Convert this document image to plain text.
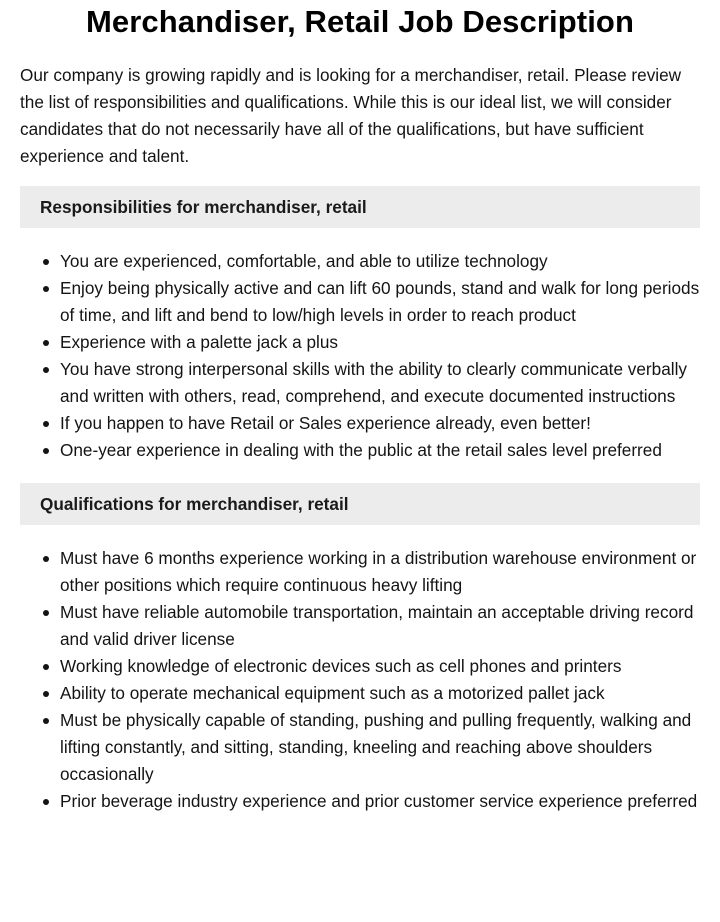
Merchandiser, Retail Job Description

Our company is growing rapidly and is looking for a merchandiser, retail. Please review the list of responsibilities and qualifications. While this is our ideal list, we will consider candidates that do not necessarily have all of the qualifications, but have sufficient experience and talent.

Responsibilities for merchandiser, retail
You are experienced, comfortable, and able to utilize technology
Enjoy being physically active and can lift 60 pounds, stand and walk for long periods of time, and lift and bend to low/high levels in order to reach product
Experience with a palette jack a plus
You have strong interpersonal skills with the ability to clearly communicate verbally and written with others, read, comprehend, and execute documented instructions
If you happen to have Retail or Sales experience already, even better!
One-year experience in dealing with the public at the retail sales level preferred
Qualifications for merchandiser, retail
Must have 6 months experience working in a distribution warehouse environment or other positions which require continuous heavy lifting
Must have reliable automobile transportation, maintain an acceptable driving record and valid driver license
Working knowledge of electronic devices such as cell phones and printers
Ability to operate mechanical equipment such as a motorized pallet jack
Must be physically capable of standing, pushing and pulling frequently, walking and lifting constantly, and sitting, standing, kneeling and reaching above shoulders occasionally
Prior beverage industry experience and prior customer service experience preferred
